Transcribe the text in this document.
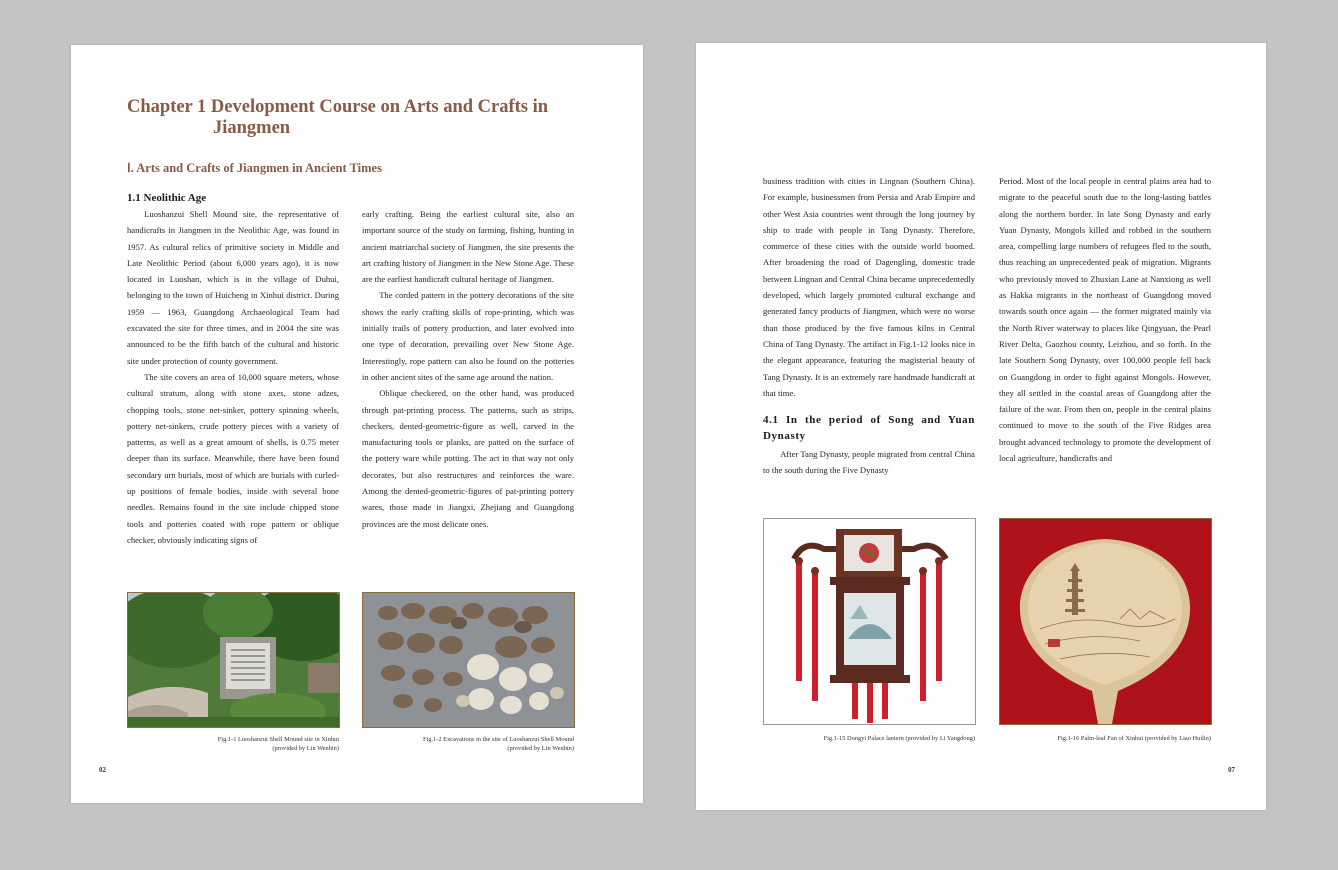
Chapter 1 Development Course on Arts and Crafts in
Jiangmen
Ⅰ. Arts and Crafts of Jiangmen in Ancient Times
1.1 Neolithic Age

Luoshanzui Shell Mound site, the representative of handicrafts in Jiangmen in the Neolithic Age, was found in 1957. As cultural relics of primitive society in Middle and Late Neolithic Period (about 6,000 years ago), it is now located in Luoshan, which is in the village of Duhui, belonging to the town of Huicheng in Xinhui district. During 1959 — 1963, Guangdong Archaeological Team had excavated the site for three times, and in 2004 the site was announced to be the fifth batch of the cultural and historic site under protection of county government.

The site covers an area of 10,000 square meters, whose cultural stratum, along with stone axes, stone adzes, chopping tools, stone net-sinker, pottery spinning wheels, pottery net-sinkers, crude pottery pieces with a variety of patterns, as well as a great amount of shells, is 0.75 meter deeper than its surface. Meanwhile, there have been found secondary urn burials, most of which are burials with curled-up positions of female bodies, inside with several bone needles. Remains found in the site include chipped stone tools and potteries coated with rope pattern or oblique checker, obviously indicating signs of

early crafting. Being the earliest cultural site, also an important source of the study on farming, fishing, hunting in ancient matriarchal society of Jiangmen, the site presents the art crafting history of Jiangmen in the New Stone Age. These are the earliest handicraft cultural heritage of Jiangmen.

The corded pattern in the pottery decorations of the site shows the early crafting skills of rope-printing, which was initially trails of pottery production, and later evolved into one type of decoration, prevailing over New Stone Age. Interestingly, rope pattern can also be found on the potteries in other ancient sites of the same age around the nation.

Oblique checkered, on the other hand, was produced through pat-printing process. The patterns, such as strips, checkers, dented-geometric-figure as well, carved in the manufacturing tools or planks, are patted on the surface of the pottery ware while potting. The act in that way not only decorates, but also restructures and reinforces the ware. Among the dented-geometric-figures of pat-printing pottery wares, those made in Jiangxi, Zhejiang and Guangdong provinces are the most delicate ones.

Fig.1-1 Luoshanzui Shell Mound site in Xinhui
(provided by Lin Wenbin)
Fig.1-2 Excavations in the site of Luoshanzui Shell Mound
(provided by Lin Wenbin)
02

business tradition with cities in Lingnan (Southern China). For example, businessmen from Persia and Arab Empire and other West Asia countries went through the long journey by ship to trade with people in Tang Dynasty. Therefore, commerce of these cities with the outside world boomed. After broadening the road of Dagengling, domestic trade between Lingnan and Central China became unprecedentedly developed, which largely promoted cultural exchange and generated fancy products of Jiangmen, which were no worse than those produced by the five famous kilns in Central China of Tang Dynasty. The artifact in Fig.1-12 looks nice in the elegant appearance, featuring the magisterial beauty of Tang Dynasty. It is an extremely rare handmade handicraft at that time.

4.1 In the period of Song and Yuan Dynasty

After Tang Dynasty, people migrated from central China to the south during the Five Dynasty

Period. Most of the local people in central plains area had to migrate to the peaceful south due to the long-lasting battles along the northern border. In late Song Dynasty and early Yuan Dynasty, Mongols killed and robbed in the southern area, compelling large numbers of refugees fled to the south, thus reaching an unprecedented peak of migration. Migrants who previously moved to Zhuxian Lane at Nanxiong as well as Hakka migrants in the northeast of Guangdong moved towards south once again — the former migrated mainly via the North River waterway to places like Qingyuan, the Pearl River Delta, Gaozhou county, Leizhou, and so forth. In the late Southern Song Dynasty, over 100,000 people fell back on Guangdong in order to fight against Mongols. However, they all settled in the coastal areas of Guangdong after the failure of the war. From then on, people in the central plains continued to move to the south of the Five Ridges area brought advanced technology to promote the development of local agriculture, handicrafts and

Fig.1-15 Dongyi Palace lantern (provided by Li Yangdong)	Fig.1-16 Palm-leaf Fan of Xinhui (provided by Liao Huilin)
07
